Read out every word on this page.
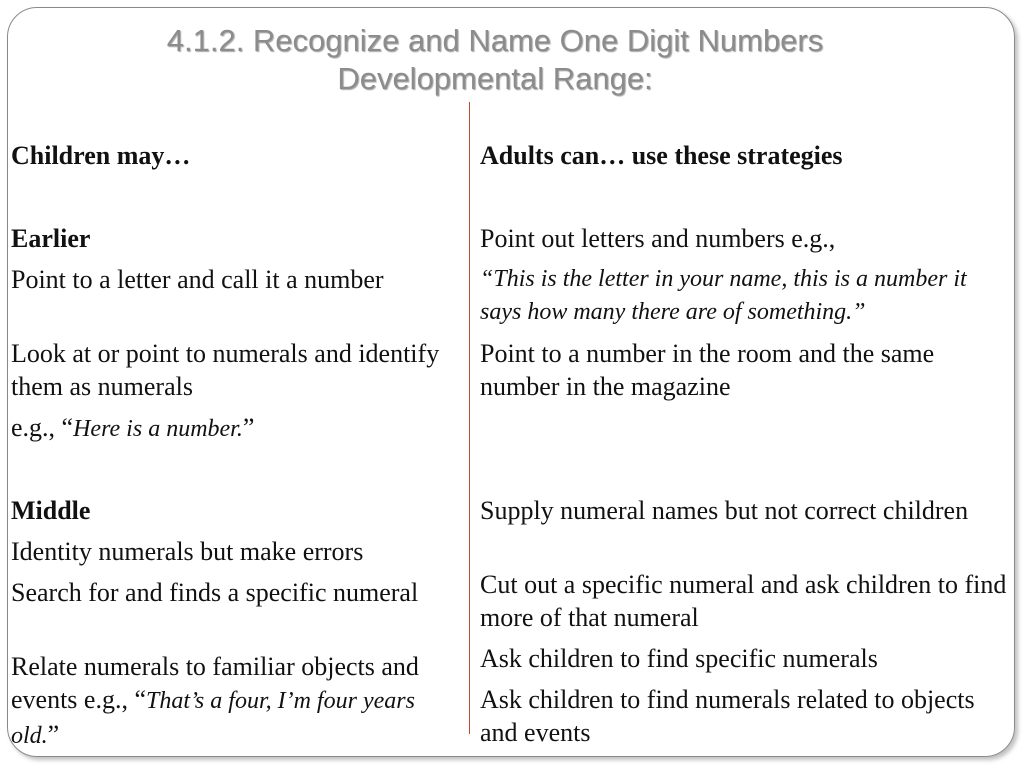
4.1.2. Recognize and Name One Digit Numbers
Developmental Range:
Children may…
Earlier
Point to a letter and call it a number
Look at or point to numerals and identify them as numerals
e.g., “Here is a number.”
Middle
Identity numerals but make errors
Search for and finds a specific numeral
Relate numerals to familiar objects and events e.g., “That’s a four, I’m four years old.”
Adults can… use these strategies
Point out letters and numbers e.g.,
“This is the letter in your name, this is a number it says how many there are of something.”
Point to a number in the room and the same number in the magazine
Supply numeral names but not correct children
Cut out a specific numeral and ask children to find more of that numeral
Ask children to find specific numerals
Ask children to find numerals related to objects and events
